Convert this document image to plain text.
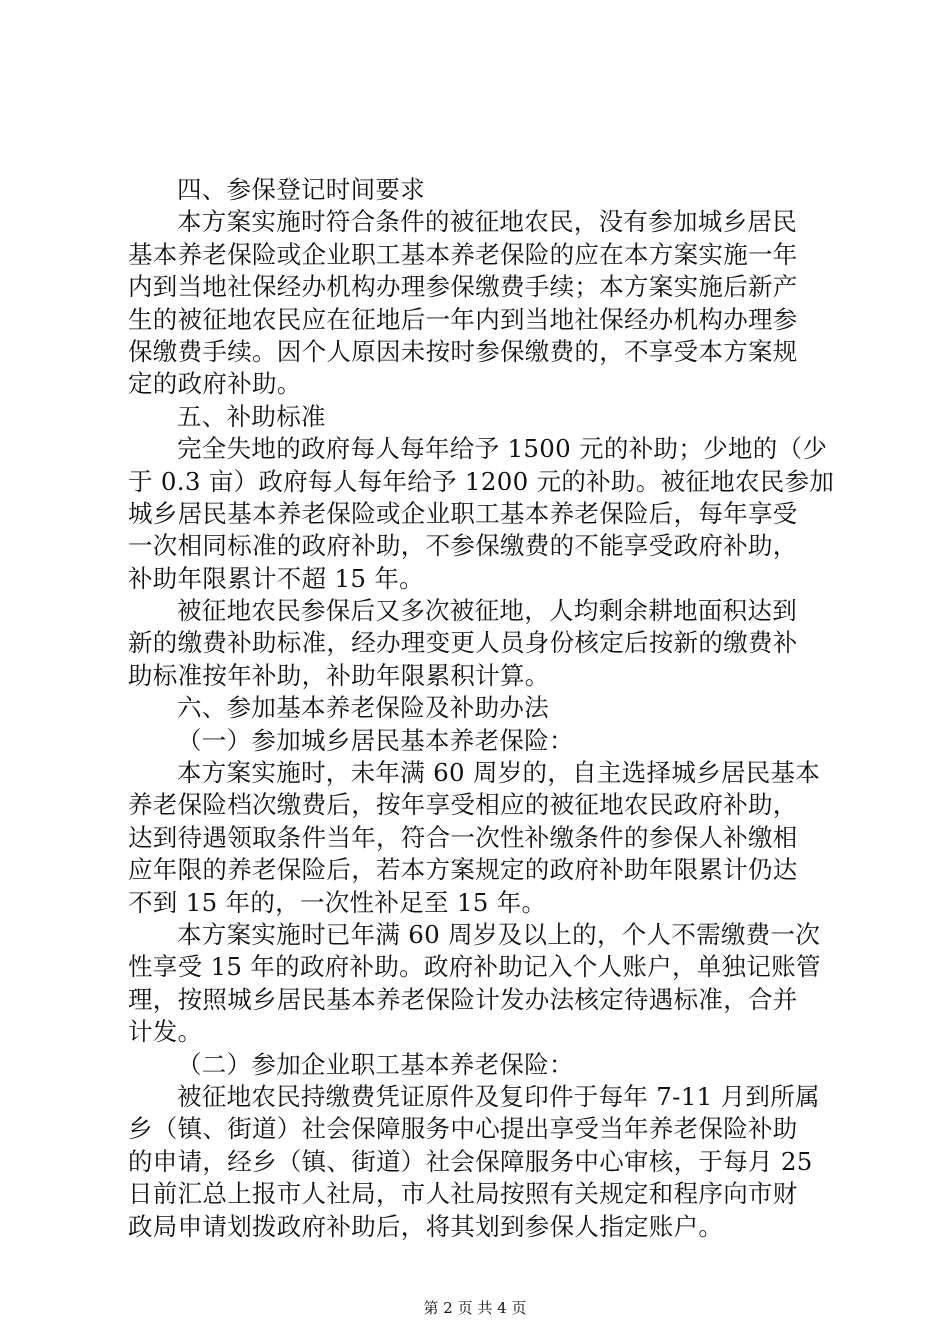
四、参保登记时间要求
本方案实施时符合条件的被征地农民，没有参加城乡居民
基本养老保险或企业职工基本养老保险的应在本方案实施一年
内到当地社保经办机构办理参保缴费手续；本方案实施后新产
生的被征地农民应在征地后一年内到当地社保经办机构办理参
保缴费手续。因个人原因未按时参保缴费的，不享受本方案规
定的政府补助。
五、补助标准
完全失地的政府每人每年给予 1500 元的补助；少地的（少
于 0.3 亩）政府每人每年给予 1200 元的补助。被征地农民参加
城乡居民基本养老保险或企业职工基本养老保险后，每年享受
一次相同标准的政府补助，不参保缴费的不能享受政府补助，
补助年限累计不超 15 年。
被征地农民参保后又多次被征地，人均剩余耕地面积达到
新的缴费补助标准，经办理变更人员身份核定后按新的缴费补
助标准按年补助，补助年限累积计算。
六、参加基本养老保险及补助办法
（一）参加城乡居民基本养老保险：
本方案实施时，未年满 60 周岁的，自主选择城乡居民基本
养老保险档次缴费后，按年享受相应的被征地农民政府补助，
达到待遇领取条件当年，符合一次性补缴条件的参保人补缴相
应年限的养老保险后，若本方案规定的政府补助年限累计仍达
不到 15 年的，一次性补足至 15 年。
本方案实施时已年满 60 周岁及以上的，个人不需缴费一次
性享受 15 年的政府补助。政府补助记入个人账户，单独记账管
理，按照城乡居民基本养老保险计发办法核定待遇标准，合并
计发。
（二）参加企业职工基本养老保险：
被征地农民持缴费凭证原件及复印件于每年 7-11 月到所属
乡（镇、街道）社会保障服务中心提出享受当年养老保险补助
的申请，经乡（镇、街道）社会保障服务中心审核，于每月 25
日前汇总上报市人社局，市人社局按照有关规定和程序向市财
政局申请划拨政府补助后，将其划到参保人指定账户。
第 2 页 共 4 页
